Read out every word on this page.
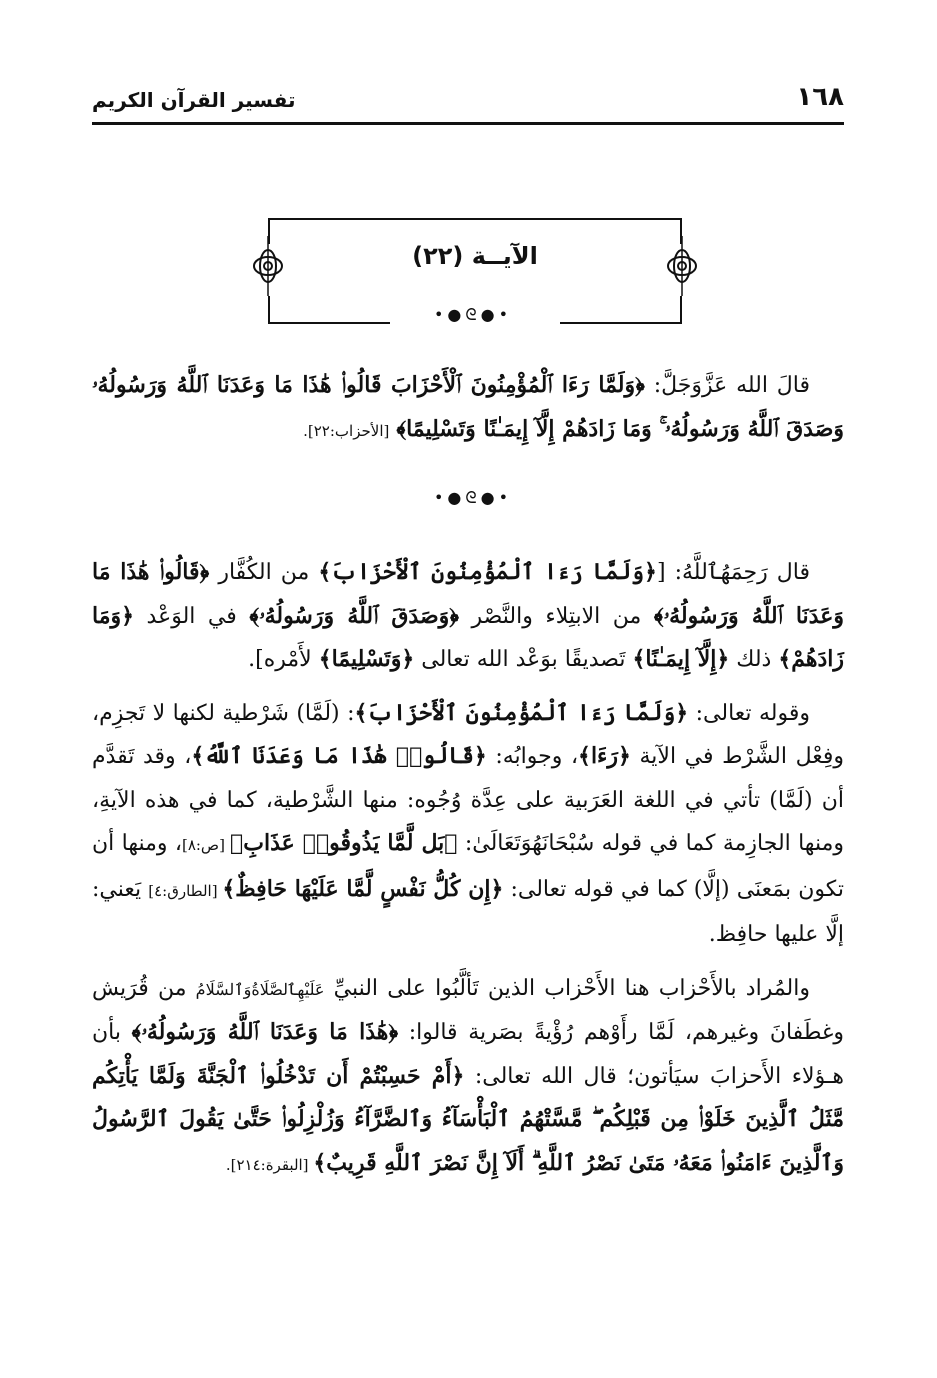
١٦٨
تفسير القرآن الكريم
الآيــة (٢٢)
•●ᘓ●•

قالَ الله عَزَّوَجَلَّ: ﴿وَلَمَّا رَءَا ٱلْمُؤْمِنُونَ ٱلْأَحْزَابَ قَالُوا۟ هَٰذَا مَا وَعَدَنَا ٱللَّهُ وَرَسُولُهُۥ وَصَدَقَ ٱللَّهُ وَرَسُولُهُۥ ۚ وَمَا زَادَهُمْ إِلَّآ إِيمَـٰنًا وَتَسْلِيمًا﴾ [الأحزاب:٢٢].

•●ᘓ●•

قال رَحِمَهُٱللَّهُ: [﴿وَلَمَّا رَءَا ٱلْمُؤْمِنُونَ ٱلْأَحْزَابَ﴾ من الكُفَّار ﴿قَالُوا۟ هَٰذَا مَا وَعَدَنَا ٱللَّهُ وَرَسُولُهُۥ﴾ من الابتِلاء والنَّصْر ﴿وَصَدَقَ ٱللَّهُ وَرَسُولُهُۥ﴾ في الوَعْد ﴿وَمَا زَادَهُمْ﴾ ذلك ﴿إِلَّآ إِيمَـٰنًا﴾ تَصديقًا بوَعْد الله تعالى ﴿وَتَسْلِيمًا﴾ لأَمْره].

وقوله تعالى: ﴿وَلَمَّا رَءَا ٱلْمُؤْمِنُونَ ٱلْأَحْزَابَ﴾: (لَمَّا) شَرْطية لكنها لا تَجزِم، وفِعْل الشَّرْط في الآية ﴿رَءَا﴾، وجوابُه: ﴿قَالُوا۟ هَٰذَا مَا وَعَدَنَا ٱللَّهُ﴾، وقد تَقدَّم أن (لَمَّا) تأتي في اللغة العَرَبية على عِدَّة وُجُوه: منها الشَّرْطية، كما في هذه الآيةِ، ومنها الجازِمة كما في قوله سُبْحَانَهُوَتَعَالَىٰ: ﴿بَل لَّمَّا يَذُوقُوا۟ عَذَابِ﴾ [ص:٨]، ومنها أن تكون بمَعنَى (إلَّا) كما في قوله تعالى: ﴿إِن كُلُّ نَفْسٍ لَّمَّا عَلَيْهَا حَافِظٌ﴾ [الطارق:٤] يَعني: إلَّا عليها حافِظ.

والمُراد بالأَحْزاب هنا الأَحْزاب الذين تَألَّبُوا على النبيِّ عَلَيْهِٱلصَّلَاةُوَٱلسَّلَامُ من قُرَيش وغطَفانَ وغيرهم، لَمَّا رأَوْهم رُؤْيةً بصَرية قالوا: ﴿هَٰذَا مَا وَعَدَنَا ٱللَّهُ وَرَسُولُهُۥ﴾ بأن هـؤلاء الأَحزابَ سيَأتون؛ قال الله تعالى: ﴿أَمْ حَسِبْتُمْ أَن تَدْخُلُوا۟ ٱلْجَنَّةَ وَلَمَّا يَأْتِكُم مَّثَلُ ٱلَّذِينَ خَلَوْا۟ مِن قَبْلِكُم ۖ مَّسَّتْهُمُ ٱلْبَأْسَآءُ وَٱلضَّرَّآءُ وَزُلْزِلُوا۟ حَتَّىٰ يَقُولَ ٱلرَّسُولُ وَٱلَّذِينَ ءَامَنُوا۟ مَعَهُۥ مَتَىٰ نَصْرُ ٱللَّهِ ۗ أَلَآ إِنَّ نَصْرَ ٱللَّهِ قَرِيبٌ﴾ [البقرة:٢١٤].
